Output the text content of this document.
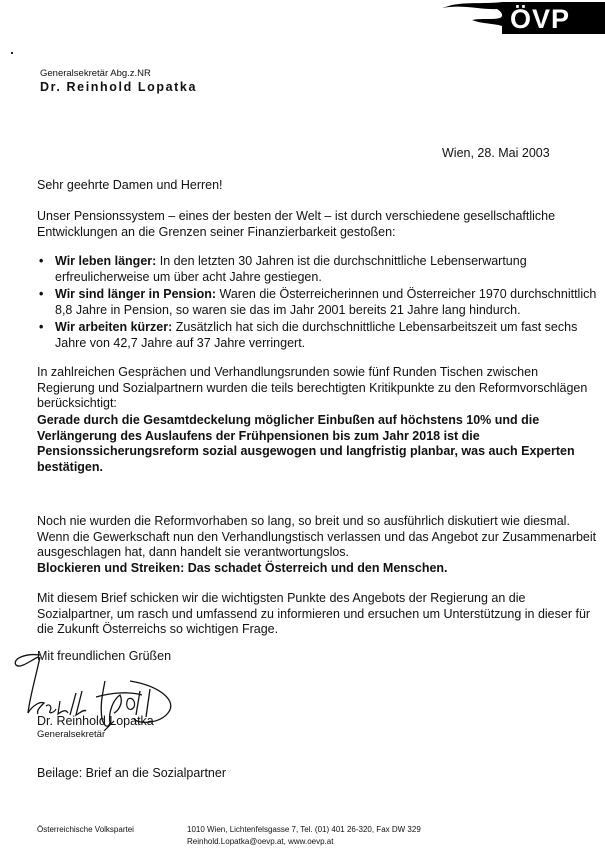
ÖVP
Generalsekretär Abg.z.NR
Dr. Reinhold Lopatka
Wien, 28. Mai 2003
Sehr geehrte Damen und Herren!
Unser Pensionssystem – eines der besten der Welt – ist durch verschiedene gesellschaftliche Entwicklungen an die Grenzen seiner Finanzierbarkeit gestoßen:
• Wir leben länger: In den letzten 30 Jahren ist die durchschnittliche Lebenserwartung erfreulicherweise um über acht Jahre gestiegen.
• Wir sind länger in Pension: Waren die Österreicherinnen und Österreicher 1970 durchschnittlich 8,8 Jahre in Pension, so waren sie das im Jahr 2001 bereits 21 Jahre lang hindurch.
• Wir arbeiten kürzer: Zusätzlich hat sich die durchschnittliche Lebensarbeitszeit um fast sechs Jahre von 42,7 Jahre auf 37 Jahre verringert.
In zahlreichen Gesprächen und Verhandlungsrunden sowie fünf Runden Tischen zwischen Regierung und Sozialpartnern wurden die teils berechtigten Kritikpunkte zu den Reformvorschlägen berücksichtigt:
Gerade durch die Gesamtdeckelung möglicher Einbußen auf höchstens 10% und die Verlängerung des Auslaufens der Frühpensionen bis zum Jahr 2018 ist die Pensionssicherungsreform sozial ausgewogen und langfristig planbar, was auch Experten bestätigen.
Noch nie wurden die Reformvorhaben so lang, so breit und so ausführlich diskutiert wie diesmal. Wenn die Gewerkschaft nun den Verhandlungstisch verlassen und das Angebot zur Zusammenarbeit ausgeschlagen hat, dann handelt sie verantwortungslos.
Blockieren und Streiken: Das schadet Österreich und den Menschen.
Mit diesem Brief schicken wir die wichtigsten Punkte des Angebots der Regierung an die Sozialpartner, um rasch und umfassend zu informieren und ersuchen um Unterstützung in dieser für die Zukunft Österreichs so wichtigen Frage.
Mit freundlichen Grüßen
Dr. Reinhold Lopatka
Generalsekretär
Beilage: Brief an die Sozialpartner
Österreichische Volkspartei	1010 Wien, Lichtenfelsgasse 7, Tel. (01) 401 26-320, Fax DW 329
Reinhold.Lopatka@oevp.at, www.oevp.at
